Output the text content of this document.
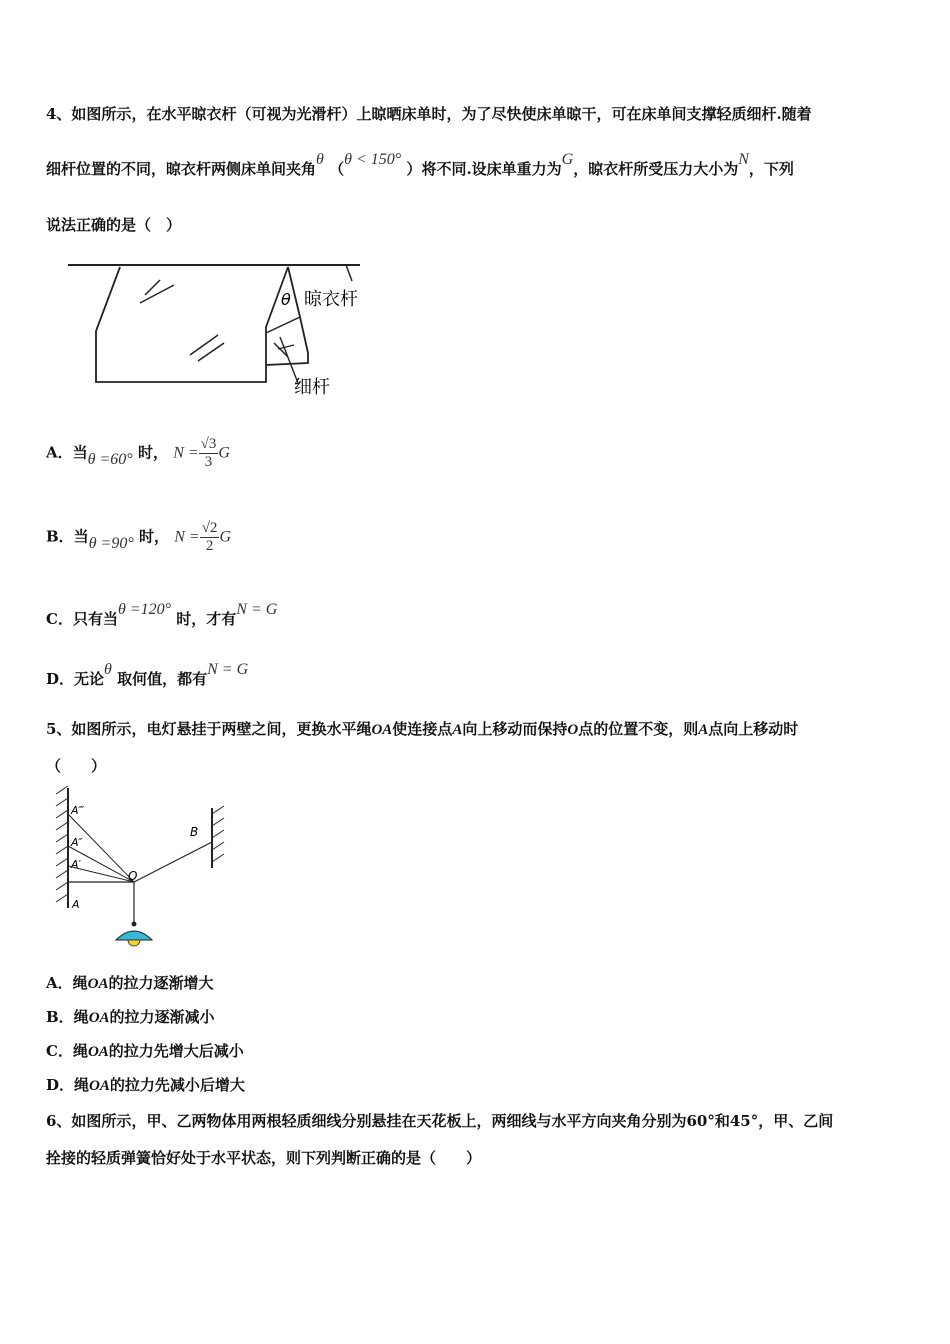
4、如图所示，在水平晾衣杆（可视为光滑杆）上晾晒床单时，为了尽快使床单晾干，可在床单间支撑轻质细杆.随着
细杆位置的不同，晾衣杆两侧床单间夹角θ （θ < 150° ）将不同.设床单重力为G，晾衣杆所受压力大小为N，下列
说法正确的是（　）
θ 晾衣杆
细杆
A．当θ =60° 时， $N = \frac{√3}{3}$ G
B．当θ =90° 时， $N = \frac{√2}{2}$ G
C．只有当θ =120° 时，才有N = G
D．无论θ 取何值，都有N = G
5、如图所示，电灯悬挂于两壁之间，更换水平绳OA使连接点A向上移动而保持O点的位置不变，则A点向上移动时
（　　）
A‴
A″
A′
A
O
B
A．绳OA的拉力逐渐增大
B．绳OA的拉力逐渐减小
C．绳OA的拉力先增大后减小
D．绳OA的拉力先减小后增大
6、如图所示，甲、乙两物体用两根轻质细线分别悬挂在天花板上，两细线与水平方向夹角分别为60°和45°，甲、乙间
拴接的轻质弹簧恰好处于水平状态，则下列判断正确的是（　　）
